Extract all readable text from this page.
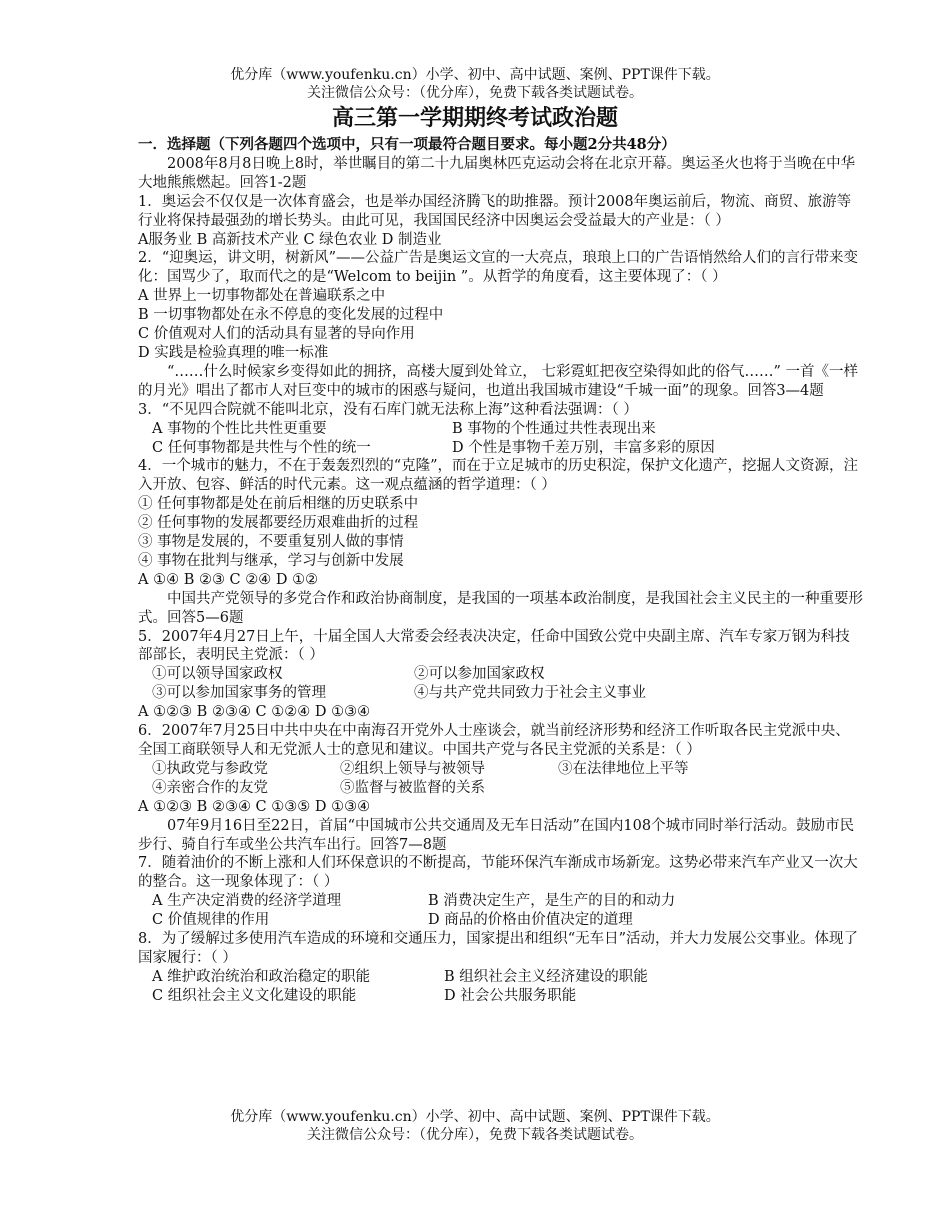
优分库（www.youfenku.cn）小学、初中、高中试题、案例、PPT课件下载。
关注微信公众号：（优分库），免费下载各类试题试卷。
高三第一学期期终考试政治题

一．选择题（下列各题四个选项中，只有一项最符合题目要求。每小题2分共48分）

2008年8月8日晚上8时，举世瞩目的第二十九届奥林匹克运动会将在北京开幕。奥运圣火也将于当晚在中华大地熊熊燃起。回答1-2题

1．奥运会不仅仅是一次体育盛会，也是举办国经济腾飞的助推器。预计2008年奥运前后，物流、商贸、旅游等行业将保持最强劲的增长势头。由此可见，我国国民经济中因奥运会受益最大的产业是：（ ）

A服务业 B 高新技术产业 C 绿色农业 D 制造业

2．“迎奥运，讲文明，树新风”——公益广告是奥运文宣的一大亮点，琅琅上口的广告语悄然给人们的言行带来变化：国骂少了，取而代之的是“Welcom to beijin ”。从哲学的角度看，这主要体现了：（ ）

A 世界上一切事物都处在普遍联系之中

B 一切事物都处在永不停息的变化发展的过程中

C 价值观对人们的活动具有显著的导向作用

D 实践是检验真理的唯一标准

“……什么时候家乡变得如此的拥挤，高楼大厦到处耸立， 七彩霓虹把夜空染得如此的俗气……” 一首《一样的月光》唱出了都市人对巨变中的城市的困惑与疑问，也道出我国城市建设“千城一面”的现象。回答3—4题

3．“不见四合院就不能叫北京，没有石库门就无法称上海”这种看法强调：（ ）

A 事物的个性比共性更重要	B 事物的个性通过共性表现出来
C 任何事物都是共性与个性的统一	D 个性是事物千差万别，丰富多彩的原因

4．一个城市的魅力，不在于轰轰烈烈的“克隆”，而在于立足城市的历史积淀，保护文化遗产，挖掘人文资源，注入开放、包容、鲜活的时代元素。这一观点蕴涵的哲学道理：（ ）

① 任何事物都是处在前后相继的历史联系中

② 任何事物的发展都要经历艰难曲折的过程

③ 事物是发展的，不要重复别人做的事情

④ 事物在批判与继承，学习与创新中发展

A ①④ B ②③ C ②④ D ①②

中国共产党领导的多党合作和政治协商制度，是我国的一项基本政治制度，是我国社会主义民主的一种重要形式。回答5—6题

5．2007年4月27日上午，十届全国人大常委会经表决决定，任命中国致公党中央副主席、汽车专家万钢为科技部部长，表明民主党派：（ ）

①可以领导国家政权	②可以参加国家政权
③可以参加国家事务的管理	④与共产党共同致力于社会主义事业

A ①②③ B ②③④ C ①②④ D ①③④

6．2007年7月25日中共中央在中南海召开党外人士座谈会，就当前经济形势和经济工作听取各民主党派中央、全国工商联领导人和无党派人士的意见和建议。中国共产党与各民主党派的关系是：（ ）

①执政党与参政党	②组织上领导与被领导	③在法律地位上平等
④亲密合作的友党	⑤监督与被监督的关系

A ①②③ B ②③④ C ①③⑤ D ①③④

07年9月16日至22日，首届“中国城市公共交通周及无车日活动”在国内108个城市同时举行活动。鼓励市民步行、骑自行车或坐公共汽车出行。回答7—8题

7．随着油价的不断上涨和人们环保意识的不断提高，节能环保汽车渐成市场新宠。这势必带来汽车产业又一次大的整合。这一现象体现了：（ ）

A 生产决定消费的经济学道理	B 消费决定生产，是生产的目的和动力
C 价值规律的作用	D 商品的价格由价值决定的道理

8．为了缓解过多使用汽车造成的环境和交通压力，国家提出和组织“无车日”活动，并大力发展公交事业。体现了国家履行：（ ）

A 维护政治统治和政治稳定的职能	B 组织社会主义经济建设的职能
C 组织社会主义文化建设的职能	D 社会公共服务职能
优分库（www.youfenku.cn）小学、初中、高中试题、案例、PPT课件下载。
关注微信公众号：（优分库），免费下载各类试题试卷。
